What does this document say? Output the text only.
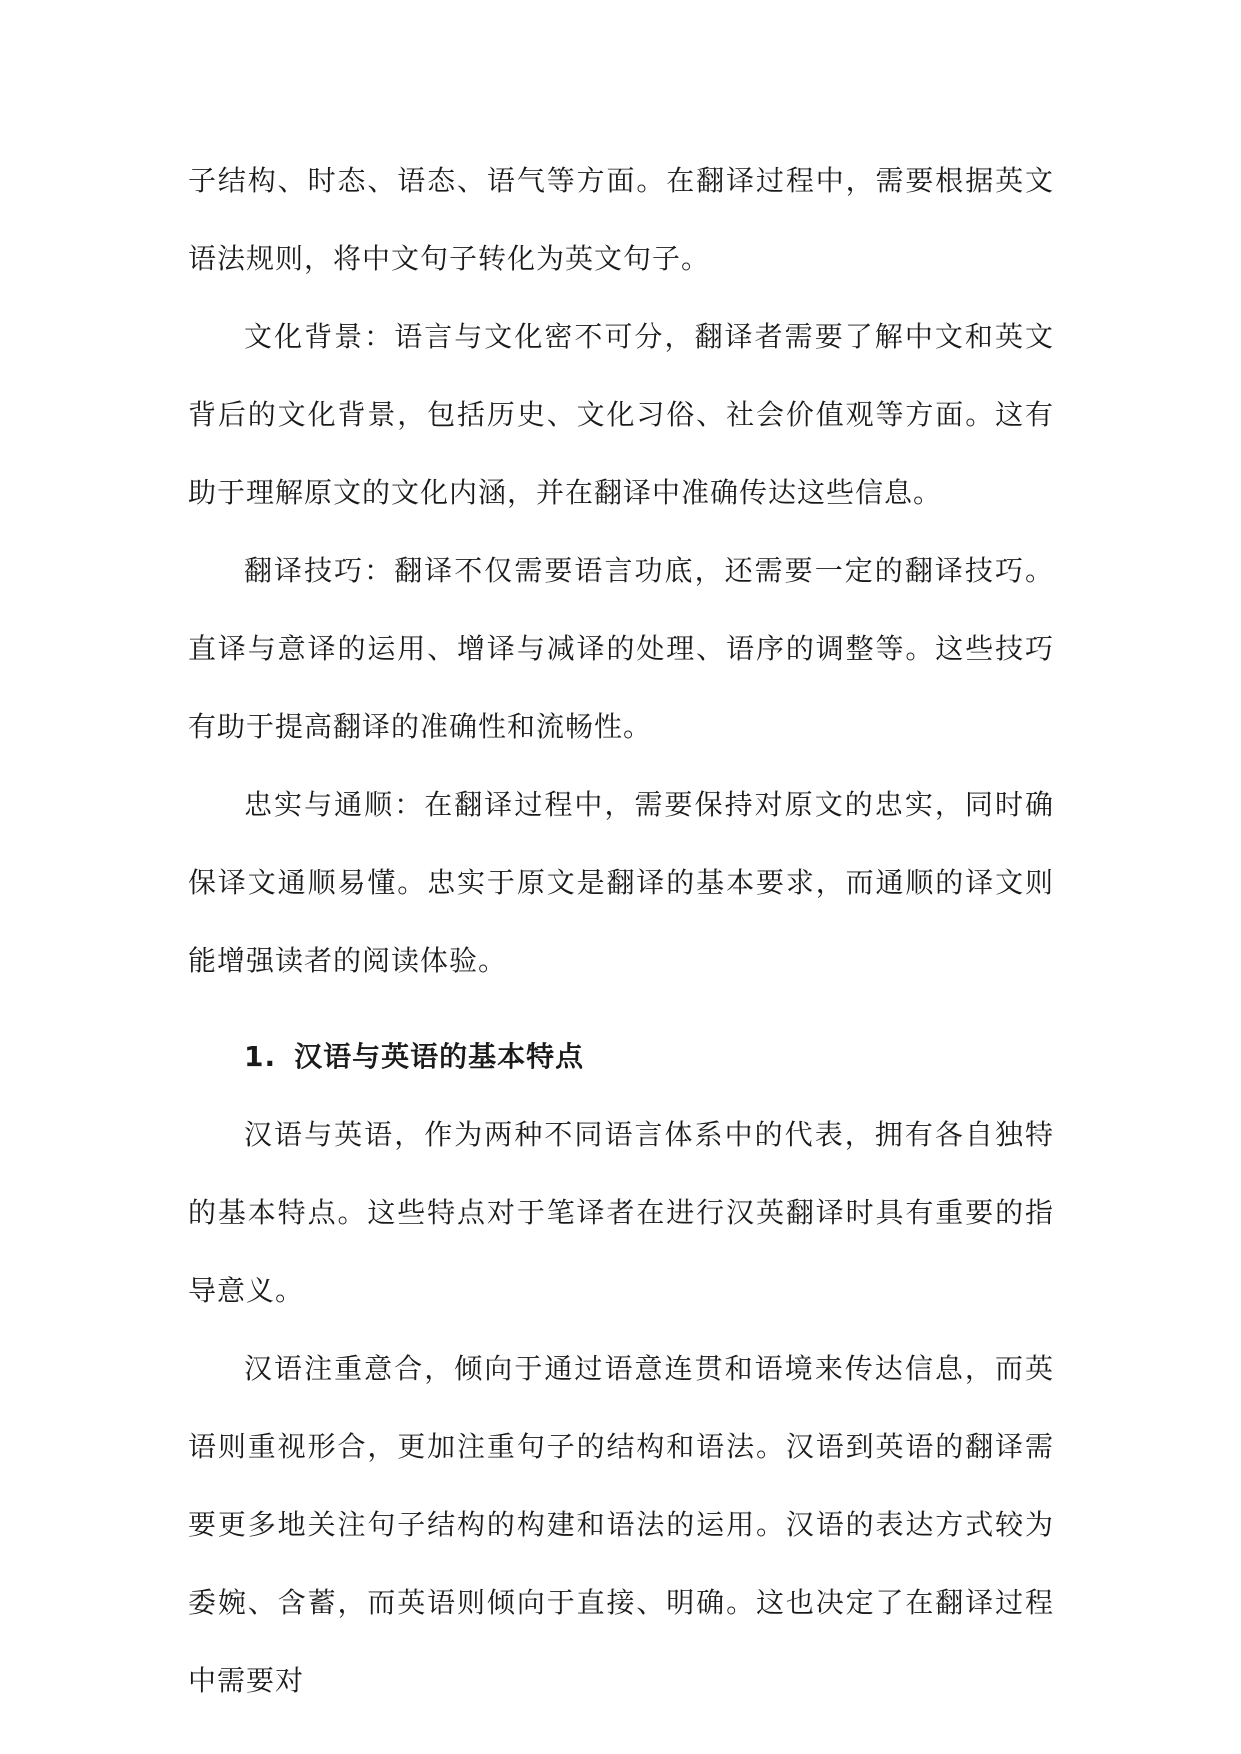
子结构、时态、语态、语气等方面。在翻译过程中，需要根据英文语法规则，将中文句子转化为英文句子。

文化背景：语言与文化密不可分，翻译者需要了解中文和英文背后的文化背景，包括历史、文化习俗、社会价值观等方面。这有助于理解原文的文化内涵，并在翻译中准确传达这些信息。

翻译技巧：翻译不仅需要语言功底，还需要一定的翻译技巧。直译与意译的运用、增译与减译的处理、语序的调整等。这些技巧有助于提高翻译的准确性和流畅性。

忠实与通顺：在翻译过程中，需要保持对原文的忠实，同时确保译文通顺易懂。忠实于原文是翻译的基本要求，而通顺的译文则能增强读者的阅读体验。

1. 汉语与英语的基本特点

汉语与英语，作为两种不同语言体系中的代表，拥有各自独特的基本特点。这些特点对于笔译者在进行汉英翻译时具有重要的指导意义。

汉语注重意合，倾向于通过语意连贯和语境来传达信息，而英语则重视形合，更加注重句子的结构和语法。汉语到英语的翻译需要更多地关注句子结构的构建和语法的运用。汉语的表达方式较为委婉、含蓄，而英语则倾向于直接、明确。这也决定了在翻译过程中需要对
